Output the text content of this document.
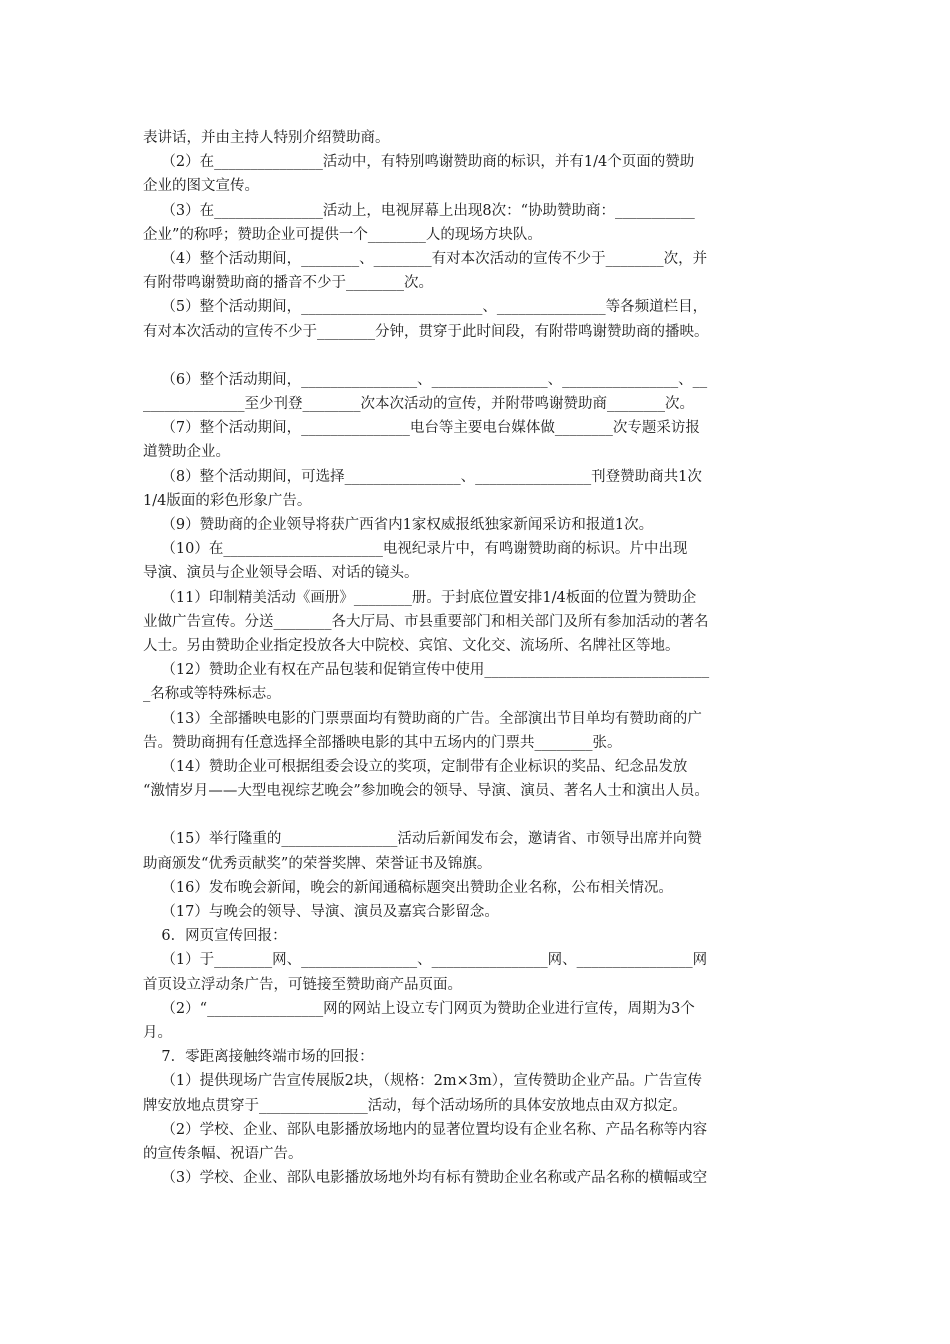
表讲话，并由主持人特别介绍赞助商。
（2）在_______________活动中，有特别鸣谢赞助商的标识，并有1/4个页面的赞助
企业的图文宣传。
（3）在_______________活动上，电视屏幕上出现8次：“协助赞助商：___________
企业”的称呼；赞助企业可提供一个________人的现场方块队。
（4）整个活动期间，________、________有对本次活动的宣传不少于________次，并
有附带鸣谢赞助商的播音不少于________次。
（5）整个活动期间，_________________________、_______________等各频道栏目，
有对本次活动的宣传不少于________分钟，贯穿于此时间段，有附带鸣谢赞助商的播映。
（6）整个活动期间，________________、________________、________________、__
______________至少刊登________次本次活动的宣传，并附带鸣谢赞助商________次。
（7）整个活动期间，_______________电台等主要电台媒体做________次专题采访报
道赞助企业。
（8）整个活动期间，可选择________________、________________刊登赞助商共1次
1/4版面的彩色形象广告。
（9）赞助商的企业领导将获广西省内1家权威报纸独家新闻采访和报道1次。
（10）在______________________电视纪录片中，有鸣谢赞助商的标识。片中出现
导演、演员与企业领导会晤、对话的镜头。
（11）印制精美活动《画册》________册。于封底位置安排1/4板面的位置为赞助企
业做广告宣传。分送________各大厅局、市县重要部门和相关部门及所有参加活动的著名
人士。另由赞助企业指定投放各大中院校、宾馆、文化交、流场所、名牌社区等地。
（12）赞助企业有权在产品包装和促销宣传中使用_______________________________
_名称或等特殊标志。
（13）全部播映电影的门票票面均有赞助商的广告。全部演出节目单均有赞助商的广
告。赞助商拥有任意选择全部播映电影的其中五场内的门票共________张。
（14）赞助企业可根据组委会设立的奖项，定制带有企业标识的奖品、纪念品发放
“激情岁月——大型电视综艺晚会”参加晚会的领导、导演、演员、著名人士和演出人员。
（15）举行隆重的________________活动后新闻发布会，邀请省、市领导出席并向赞
助商颁发“优秀贡献奖”的荣誉奖牌、荣誉证书及锦旗。
（16）发布晚会新闻，晚会的新闻通稿标题突出赞助企业名称，公布相关情况。
（17）与晚会的领导、导演、演员及嘉宾合影留念。
6．网页宣传回报：
（1）于________网、________________、________________网、________________网
首页设立浮动条广告，可链接至赞助商产品页面。
（2）“________________网的网站上设立专门网页为赞助企业进行宣传，周期为3个
月。
7．零距离接触终端市场的回报：
（1）提供现场广告宣传展版2块，（规格：2m×3m），宣传赞助企业产品。广告宣传
牌安放地点贯穿于_______________活动，每个活动场所的具体安放地点由双方拟定。
（2）学校、企业、部队电影播放场地内的显著位置均设有企业名称、产品名称等内容
的宣传条幅、祝语广告。
（3）学校、企业、部队电影播放场地外均有标有赞助企业名称或产品名称的横幅或空
